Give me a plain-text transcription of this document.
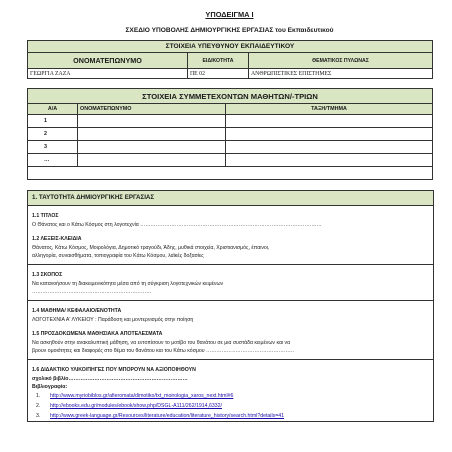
ΥΠΟΔΕΙΓΜΑ Ι
ΣΧΕΔΙΟ ΥΠΟΒΟΛΗΣ ΔΗΜΙΟΥΡΓΙΚΗΣ ΕΡΓΑΣΙΑΣ του Εκπαιδευτικού
ΣΤΟΙΧΕΙΑ ΥΠΕΥΘΥΝΟΥ ΕΚΠΑΙΔΕΥΤΙΚΟΥ		
ΟΝΟΜΑΤΕΠΩΝΥΜΟ	ΕΙΔΙΚΟΤΗΤΑ	ΘΕΜΑΤΙΚΟΣ ΠΥΛΩΝΑΣ
ΓΕΩΡΓΙΑ ΖΑΖΑ	ΠΕ 02	ΑΝΘΡΩΠΙΣΤΙΚΕΣ ΕΠΙΣΤΗΜΕΣ
ΣΤΟΙΧΕΙΑ ΣΥΜΜΕΤΕΧΟΝΤΩΝ ΜΑΘΗΤΩΝ/-ΤΡΙΩΝ		
Α/Α	ΟΝΟΜΑΤΕΠΩΝΥΜΟ	ΤΑΞΗ/ΤΜΗΜΑ
1		
2		
3		
…		

1. ΤΑΥΤΟΤΗΤΑ ΔΗΜΙΟΥΡΓΙΚΗΣ ΕΡΓΑΣΙΑΣ
1.1 ΤΙΤΛΟΣ
Ο Θάνατος και ο Κάτω Κόσμος στη λογοτεχνία ……………………………………………………………………………………………
1.2 ΛΕΞΕΙΣ-ΚΛΕΙΔΙΑ
Θάνατος, Κάτω Κόσμος, Μοιρολόγια, Δημοτικό τραγούδι, Άδης, μυθικά στοιχεία, Χριστιανισμός, έπαινοι,
αλληγορία, συναισθήματα, τοπιογραφία του Κάτω Κόσμου, λαϊκές δοξασίες
1.3 ΣΚΟΠΟΣ
Να κατανοήσουν τη διακειμενικότητα μέσα από τη σύγκριση λογοτεχνικών κειμένων
……………………………………………………………
1.4 ΜΑΘΗΜΑ/ ΚΕΦΑΛΑΙΟ/ΕΝΟΤΗΤΑ
ΛΟΓΟΤΕΧΝΙΑ Α' ΛΥΚΕΙΟΥ : Παράδοση και μοντερνισμός στην ποίηση
1.5 ΠΡΟΣΔΟΚΩΜΕΝΑ ΜΑΘΗΣΙΑΚΑ ΑΠΟΤΕΛΕΣΜΑΤΑ
Να ασκηθούν στην ανακαλυπτική μάθηση, να εντοπίσουν το μοτίβο του θανάτου σε μια συστάδα κειμένων και να
βρουν ομοιότητες και διαφορές στο θέμα του θανάτου και του Κάτω κόσμου ……………………………………………
1.6 ΔΙΔΑΚΤΙΚΟ ΥΛΙΚΟ/ΠΗΓΕΣ ΠΟΥ ΜΠΟΡΟΥΝ ΝΑ ΑΞΙΟΠΟΙΗΘΟΥΝ
σχολικό βιβλίο……………………………………………………………
Βιβλιογραφία:
1.	http://www.myriobiblos.gr/afieromata/dimotiko/txt_moirologia_xaros_next.html#6
2.	http://ebooks.edu.gr/modules/ebook/show.php/DSGL-A111/262/1914,6332/
3.	http://www.greek-language.gr/Resources/literature/education/literature_history/search.html?details=41
